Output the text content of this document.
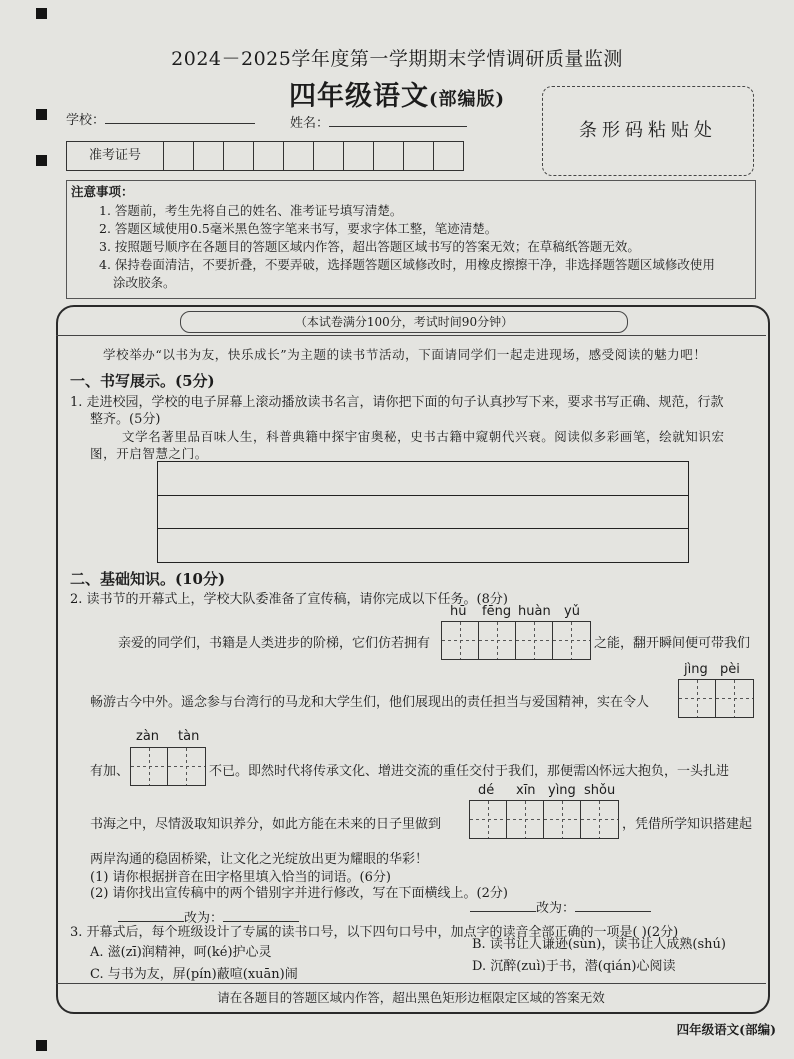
2024－2025学年度第一学期期末学情调研质量监测
四年级语文(部编版)
学校：	姓名：
准考证号
条形码粘贴处
注意事项：
1. 答题前，考生先将自己的姓名、准考证号填写清楚。
2. 答题区域使用0.5毫米黑色签字笔来书写，要求字体工整，笔迹清楚。
3. 按照题号顺序在各题目的答题区域内作答，超出答题区域书写的答案无效；在草稿纸答题无效。
4. 保持卷面清洁，不要折叠，不要弄破，选择题答题区域修改时，用橡皮擦擦干净，非选择题答题区域修改使用
涂改胶条。
（本试卷满分100分，考试时间90分钟）
学校举办“以书为友，快乐成长”为主题的读书节活动，下面请同学们一起走进现场，感受阅读的魅力吧！
一、书写展示。(5分)
1. 走进校园，学校的电子屏幕上滚动播放读书名言，请你把下面的句子认真抄写下来，要求书写正确、规范，行款
整齐。(5分)
文学名著里品百味人生，科普典籍中探宇宙奥秘，史书古籍中窥朝代兴衰。阅读似多彩画笔，绘就知识宏
图，开启智慧之门。
二、基础知识。(10分)
2. 读书节的开幕式上，学校大队委准备了宣传稿，请你完成以下任务。(8分)
hū fēng huàn yǔ
亲爱的同学们，书籍是人类进步的阶梯，它们仿若拥有	之能，翻开瞬间便可带我们
jìng pèi
畅游古今中外。遥念参与台湾行的马龙和大学生们，他们展现出的责任担当与爱国精神，实在令人
zàn tàn
有加、	不已。即然时代将传承文化、增进交流的重任交付于我们，那便需凶怀远大抱负，一头扎进
dé xīn yìng shǒu
书海之中，尽情汲取知识养分，如此方能在未来的日子里做到	，凭借所学知识搭建起
两岸沟通的稳固桥梁，让文化之光绽放出更为耀眼的华彩！
(1) 请你根据拼音在田字格里填入恰当的词语。(6分)
(2) 请你找出宣传稿中的两个错别字并进行修改，写在下面横线上。(2分)
改为：
改为：
3. 开幕式后，每个班级设计了专属的读书口号，以下四句口号中，加点字的读音全部正确的一项是( )(2分)
A. 滋(zī)润精神，呵(ké)护心灵
B. 读书让人谦逊(sùn)，读书让人成熟(shú)
C. 与书为友，屏(pín)蔽喧(xuān)闹
D. 沉醉(zuì)于书，潜(qián)心阅读
请在各题目的答题区域内作答，超出黑色矩形边框限定区域的答案无效
四年级语文(部编)
